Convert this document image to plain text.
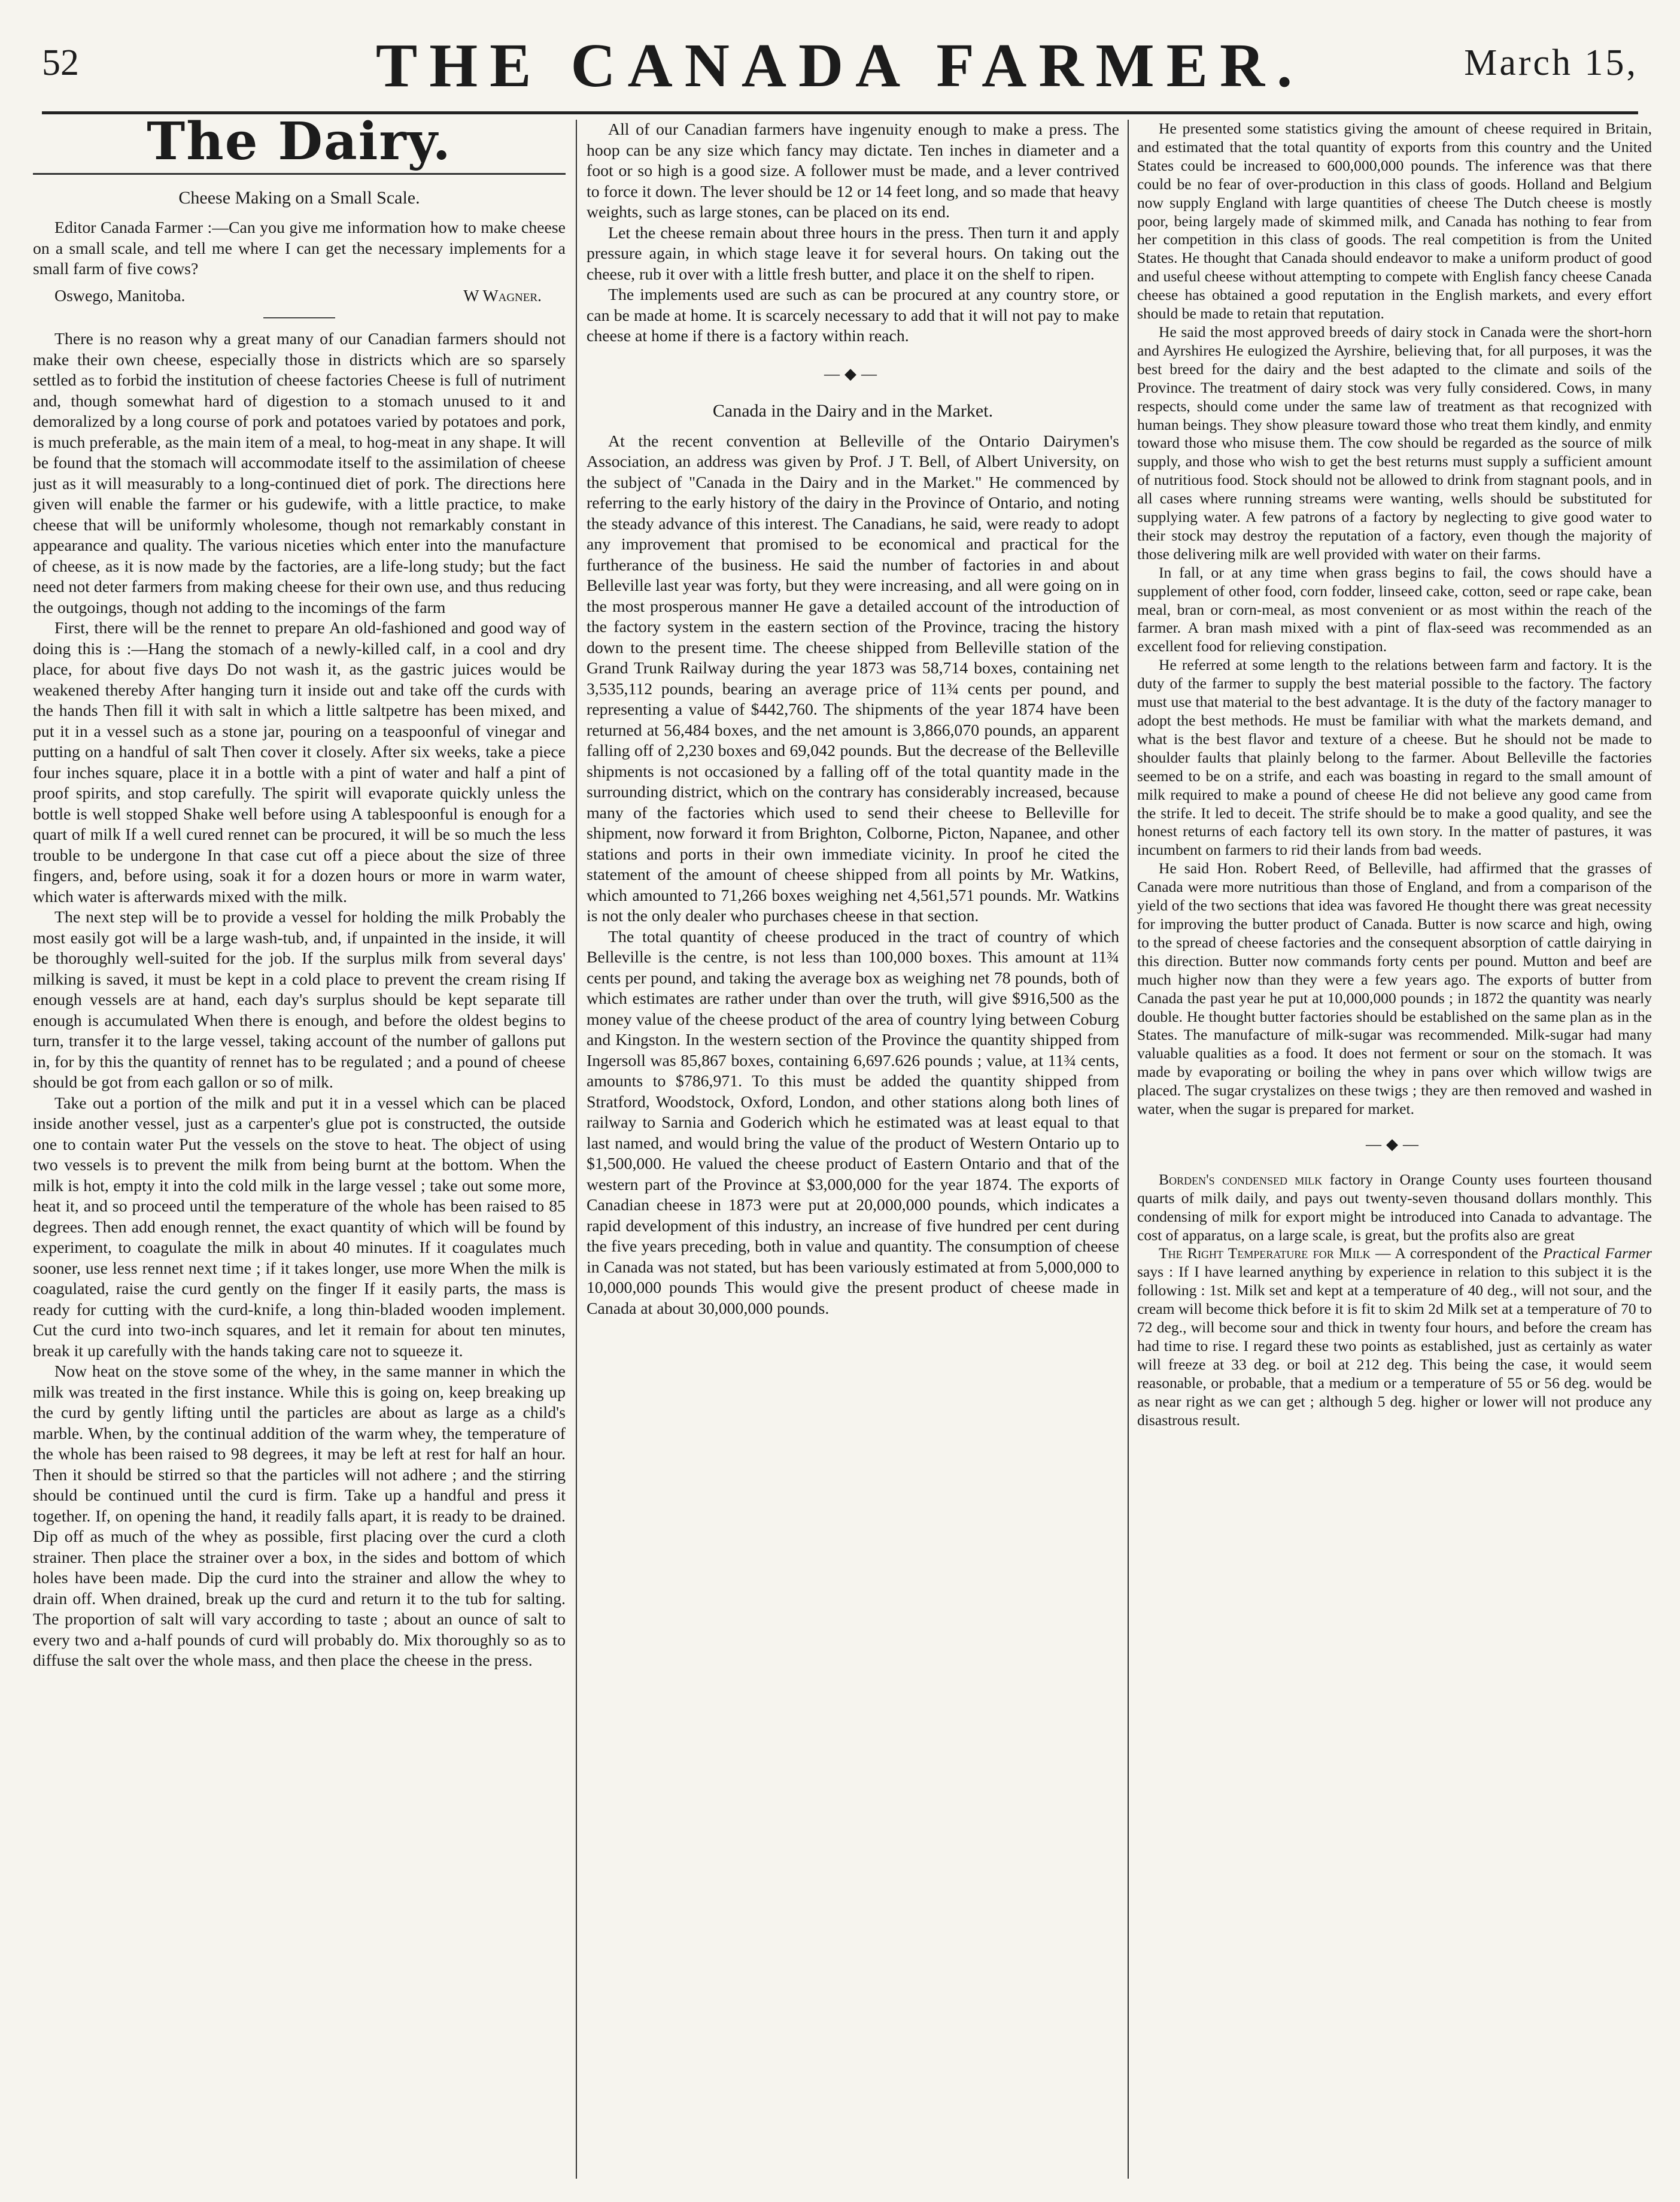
52	THE CANADA FARMER.	March 15,
The Dairy.
Cheese Making on a Small Scale.

Editor Canada Farmer :—Can you give me information how to make cheese on a small scale, and tell me where I can get the necessary implements for a small farm of five cows?

Oswego, Manitoba.	W Wagner.

There is no reason why a great many of our Canadian farmers should not make their own cheese, especially those in districts which are so sparsely settled as to forbid the institution of cheese factories Cheese is full of nutriment and, though somewhat hard of digestion to a stomach unused to it and demoralized by a long course of pork and potatoes varied by potatoes and pork, is much preferable, as the main item of a meal, to hog-meat in any shape. It will be found that the stomach will accommodate itself to the assimilation of cheese just as it will measurably to a long-continued diet of pork. The directions here given will enable the farmer or his gudewife, with a little practice, to make cheese that will be uniformly wholesome, though not remarkably constant in appearance and quality. The various niceties which enter into the manufacture of cheese, as it is now made by the factories, are a life-long study; but the fact need not deter farmers from making cheese for their own use, and thus reducing the outgoings, though not adding to the incomings of the farm

First, there will be the rennet to prepare An old-fashioned and good way of doing this is :—Hang the stomach of a newly-killed calf, in a cool and dry place, for about five days Do not wash it, as the gastric juices would be weakened thereby After hanging turn it inside out and take off the curds with the hands Then fill it with salt in which a little saltpetre has been mixed, and put it in a vessel such as a stone jar, pouring on a teaspoonful of vinegar and putting on a handful of salt Then cover it closely. After six weeks, take a piece four inches square, place it in a bottle with a pint of water and half a pint of proof spirits, and stop carefully. The spirit will evaporate quickly unless the bottle is well stopped Shake well before using A tablespoonful is enough for a quart of milk If a well cured rennet can be procured, it will be so much the less trouble to be undergone In that case cut off a piece about the size of three fingers, and, before using, soak it for a dozen hours or more in warm water, which water is afterwards mixed with the milk.

The next step will be to provide a vessel for holding the milk Probably the most easily got will be a large wash-tub, and, if unpainted in the inside, it will be thoroughly well-suited for the job. If the surplus milk from several days' milking is saved, it must be kept in a cold place to prevent the cream rising If enough vessels are at hand, each day's surplus should be kept separate till enough is accumulated When there is enough, and before the oldest begins to turn, transfer it to the large vessel, taking account of the number of gallons put in, for by this the quantity of rennet has to be regulated ; and a pound of cheese should be got from each gallon or so of milk.

Take out a portion of the milk and put it in a vessel which can be placed inside another vessel, just as a carpenter's glue pot is constructed, the outside one to contain water Put the vessels on the stove to heat. The object of using two vessels is to prevent the milk from being burnt at the bottom. When the milk is hot, empty it into the cold milk in the large vessel ; take out some more, heat it, and so proceed until the temperature of the whole has been raised to 85 degrees. Then add enough rennet, the exact quantity of which will be found by experiment, to coagulate the milk in about 40 minutes. If it coagulates much sooner, use less rennet next time ; if it takes longer, use more When the milk is coagulated, raise the curd gently on the finger If it easily parts, the mass is ready for cutting with the curd-knife, a long thin-bladed wooden implement. Cut the curd into two-inch squares, and let it remain for about ten minutes, break it up carefully with the hands taking care not to squeeze it.

Now heat on the stove some of the whey, in the same manner in which the milk was treated in the first instance. While this is going on, keep breaking up the curd by gently lifting until the particles are about as large as a child's marble. When, by the continual addition of the warm whey, the temperature of the whole has been raised to 98 degrees, it may be left at rest for half an hour. Then it should be stirred so that the particles will not adhere ; and the stirring should be continued until the curd is firm. Take up a handful and press it together. If, on opening the hand, it readily falls apart, it is ready to be drained. Dip off as much of the whey as possible, first placing over the curd a cloth strainer. Then place the strainer over a box, in the sides and bottom of which holes have been made. Dip the curd into the strainer and allow the whey to drain off. When drained, break up the curd and return it to the tub for salting. The proportion of salt will vary according to taste ; about an ounce of salt to every two and a-half pounds of curd will probably do. Mix thoroughly so as to diffuse the salt over the whole mass, and then place the cheese in the press.

All of our Canadian farmers have ingenuity enough to make a press. The hoop can be any size which fancy may dictate. Ten inches in diameter and a foot or so high is a good size. A follower must be made, and a lever contrived to force it down. The lever should be 12 or 14 feet long, and so made that heavy weights, such as large stones, can be placed on its end.

Let the cheese remain about three hours in the press. Then turn it and apply pressure again, in which stage leave it for several hours. On taking out the cheese, rub it over with a little fresh butter, and place it on the shelf to ripen.

The implements used are such as can be procured at any country store, or can be made at home. It is scarcely necessary to add that it will not pay to make cheese at home if there is a factory within reach.

—◆—
Canada in the Dairy and in the Market.

At the recent convention at Belleville of the Ontario Dairymen's Association, an address was given by Prof. J T. Bell, of Albert University, on the subject of "Canada in the Dairy and in the Market." He commenced by referring to the early history of the dairy in the Province of Ontario, and noting the steady advance of this interest. The Canadians, he said, were ready to adopt any improvement that promised to be economical and practical for the furtherance of the business. He said the number of factories in and about Belleville last year was forty, but they were increasing, and all were going on in the most prosperous manner He gave a detailed account of the introduction of the factory system in the eastern section of the Province, tracing the history down to the present time. The cheese shipped from Belleville station of the Grand Trunk Railway during the year 1873 was 58,714 boxes, containing net 3,535,112 pounds, bearing an average price of 11¾ cents per pound, and representing a value of $442,760. The shipments of the year 1874 have been returned at 56,484 boxes, and the net amount is 3,866,070 pounds, an apparent falling off of 2,230 boxes and 69,042 pounds. But the decrease of the Belleville shipments is not occasioned by a falling off of the total quantity made in the surrounding district, which on the contrary has considerably increased, because many of the factories which used to send their cheese to Belleville for shipment, now forward it from Brighton, Colborne, Picton, Napanee, and other stations and ports in their own immediate vicinity. In proof he cited the statement of the amount of cheese shipped from all points by Mr. Watkins, which amounted to 71,266 boxes weighing net 4,561,571 pounds. Mr. Watkins is not the only dealer who purchases cheese in that section.

The total quantity of cheese produced in the tract of country of which Belleville is the centre, is not less than 100,000 boxes. This amount at 11¾ cents per pound, and taking the average box as weighing net 78 pounds, both of which estimates are rather under than over the truth, will give $916,500 as the money value of the cheese product of the area of country lying between Coburg and Kingston. In the western section of the Province the quantity shipped from Ingersoll was 85,867 boxes, containing 6,697.626 pounds ; value, at 11¾ cents, amounts to $786,971. To this must be added the quantity shipped from Stratford, Woodstock, Oxford, London, and other stations along both lines of railway to Sarnia and Goderich which he estimated was at least equal to that last named, and would bring the value of the product of Western Ontario up to $1,500,000. He valued the cheese product of Eastern Ontario and that of the western part of the Province at $3,000,000 for the year 1874. The exports of Canadian cheese in 1873 were put at 20,000,000 pounds, which indicates a rapid development of this industry, an increase of five hundred per cent during the five years preceding, both in value and quantity. The consumption of cheese in Canada was not stated, but has been variously estimated at from 5,000,000 to 10,000,000 pounds This would give the present product of cheese made in Canada at about 30,000,000 pounds.

He presented some statistics giving the amount of cheese required in Britain, and estimated that the total quantity of exports from this country and the United States could be increased to 600,000,000 pounds. The inference was that there could be no fear of over-production in this class of goods. Holland and Belgium now supply England with large quantities of cheese The Dutch cheese is mostly poor, being largely made of skimmed milk, and Canada has nothing to fear from her competition in this class of goods. The real competition is from the United States. He thought that Canada should endeavor to make a uniform product of good and useful cheese without attempting to compete with English fancy cheese Canada cheese has obtained a good reputation in the English markets, and every effort should be made to retain that reputation.

He said the most approved breeds of dairy stock in Canada were the short-horn and Ayrshires He eulogized the Ayrshire, believing that, for all purposes, it was the best breed for the dairy and the best adapted to the climate and soils of the Province. The treatment of dairy stock was very fully considered. Cows, in many respects, should come under the same law of treatment as that recognized with human beings. They show pleasure toward those who treat them kindly, and enmity toward those who misuse them. The cow should be regarded as the source of milk supply, and those who wish to get the best returns must supply a sufficient amount of nutritious food. Stock should not be allowed to drink from stagnant pools, and in all cases where running streams were wanting, wells should be substituted for supplying water. A few patrons of a factory by neglecting to give good water to their stock may destroy the reputation of a factory, even though the majority of those delivering milk are well provided with water on their farms.

In fall, or at any time when grass begins to fail, the cows should have a supplement of other food, corn fodder, linseed cake, cotton, seed or rape cake, bean meal, bran or corn-meal, as most convenient or as most within the reach of the farmer. A bran mash mixed with a pint of flax-seed was recommended as an excellent food for relieving constipation.

He referred at some length to the relations between farm and factory. It is the duty of the farmer to supply the best material possible to the factory. The factory must use that material to the best advantage. It is the duty of the factory manager to adopt the best methods. He must be familiar with what the markets demand, and what is the best flavor and texture of a cheese. But he should not be made to shoulder faults that plainly belong to the farmer. About Belleville the factories seemed to be on a strife, and each was boasting in regard to the small amount of milk required to make a pound of cheese He did not believe any good came from the strife. It led to deceit. The strife should be to make a good quality, and see the honest returns of each factory tell its own story. In the matter of pastures, it was incumbent on farmers to rid their lands from bad weeds.

He said Hon. Robert Reed, of Belleville, had affirmed that the grasses of Canada were more nutritious than those of England, and from a comparison of the yield of the two sections that idea was favored He thought there was great necessity for improving the butter product of Canada. Butter is now scarce and high, owing to the spread of cheese factories and the consequent absorption of cattle dairying in this direction. Butter now commands forty cents per pound. Mutton and beef are much higher now than they were a few years ago. The exports of butter from Canada the past year he put at 10,000,000 pounds ; in 1872 the quantity was nearly double. He thought butter factories should be established on the same plan as in the States. The manufacture of milk-sugar was recommended. Milk-sugar had many valuable qualities as a food. It does not ferment or sour on the stomach. It was made by evaporating or boiling the whey in pans over which willow twigs are placed. The sugar crystalizes on these twigs ; they are then removed and washed in water, when the sugar is prepared for market.

—◆—

Borden's condensed milk factory in Orange County uses fourteen thousand quarts of milk daily, and pays out twenty-seven thousand dollars monthly. This condensing of milk for export might be introduced into Canada to advantage. The cost of apparatus, on a large scale, is great, but the profits also are great

The Right Temperature for Milk — A correspondent of the Practical Farmer says : If I have learned anything by experience in relation to this subject it is the following : 1st. Milk set and kept at a temperature of 40 deg., will not sour, and the cream will become thick before it is fit to skim 2d Milk set at a temperature of 70 to 72 deg., will become sour and thick in twenty four hours, and before the cream has had time to rise. I regard these two points as established, just as certainly as water will freeze at 33 deg. or boil at 212 deg. This being the case, it would seem reasonable, or probable, that a medium or a temperature of 55 or 56 deg. would be as near right as we can get ; although 5 deg. higher or lower will not produce any disastrous result.
